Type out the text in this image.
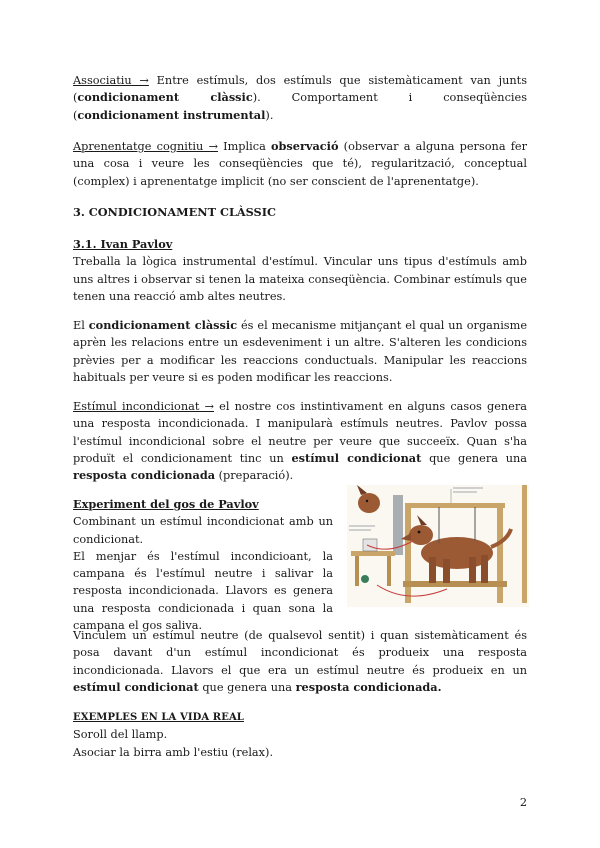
Associatiu → Entre estímuls, dos estímuls que sistemàticament van junts (condicionament clàssic). Comportament i conseqüències (condicionament instrumental).

Aprenentatge cognitiu → Implica observació (observar a alguna persona fer una cosa i veure les conseqüències que té), regularització, conceptual (complex) i aprenentatge implicit (no ser conscient de l'aprenentatge).

3. CONDICIONAMENT CLÀSSIC

3.1. Ivan Pavlov

Treballa la lògica instrumental d'estímul. Vincular uns tipus d'estímuls amb uns altres i observar si tenen la mateixa conseqüència. Combinar estímuls que tenen una reacció amb altes neutres.

El condicionament clàssic és el mecanisme mitjançant el qual un organisme aprèn les relacions entre un esdeveniment i un altre. S'alteren les condicions prèvies per a modificar les reaccions conductuals. Manipular les reaccions habituals per veure si es poden modificar les reaccions.

Estímul incondicionat → el nostre cos instintivament en alguns casos genera una resposta incondicionada. I manipularà estímuls neutres. Pavlov possa l'estímul incondicional sobre el neutre per veure que succeeïx. Quan s'ha produït el condicionament tinc un estímul condicionat que genera una resposta condicionada (preparació).

Experiment del gos de Pavlov

Combinant un estímul incondicionat amb un condicionat.

El menjar és l'estímul incondicioant, la campana és l'estímul neutre i salivar la resposta incondicionada. Llavors es genera una resposta condicionada i quan sona la campana el gos saliva.

Vinculem un estímul neutre (de qualsevol sentit) i quan sistemàticament és posa davant d'un estímul incondicionat és produeix una resposta incondicionada. Llavors el que era un estímul neutre és produeix en un estímul condicionat que genera una resposta condicionada.

EXEMPLES EN LA VIDA REAL

Soroll del llamp.

Asociar la birra amb l'estiu (relax).

2
